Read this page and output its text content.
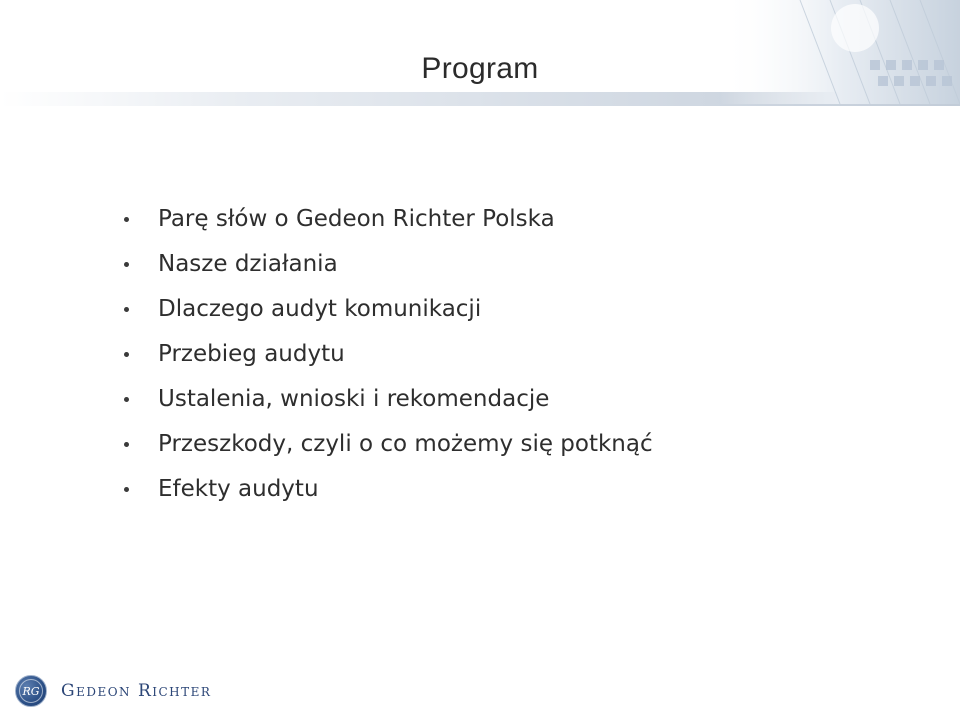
Program
Parę słów o Gedeon Richter Polska
Nasze działania
Dlaczego audyt komunikacji
Przebieg audytu
Ustalenia, wnioski i rekomendacje
Przeszkody, czyli o co możemy się potknąć
Efekty audytu
RG Gedeon Richter
